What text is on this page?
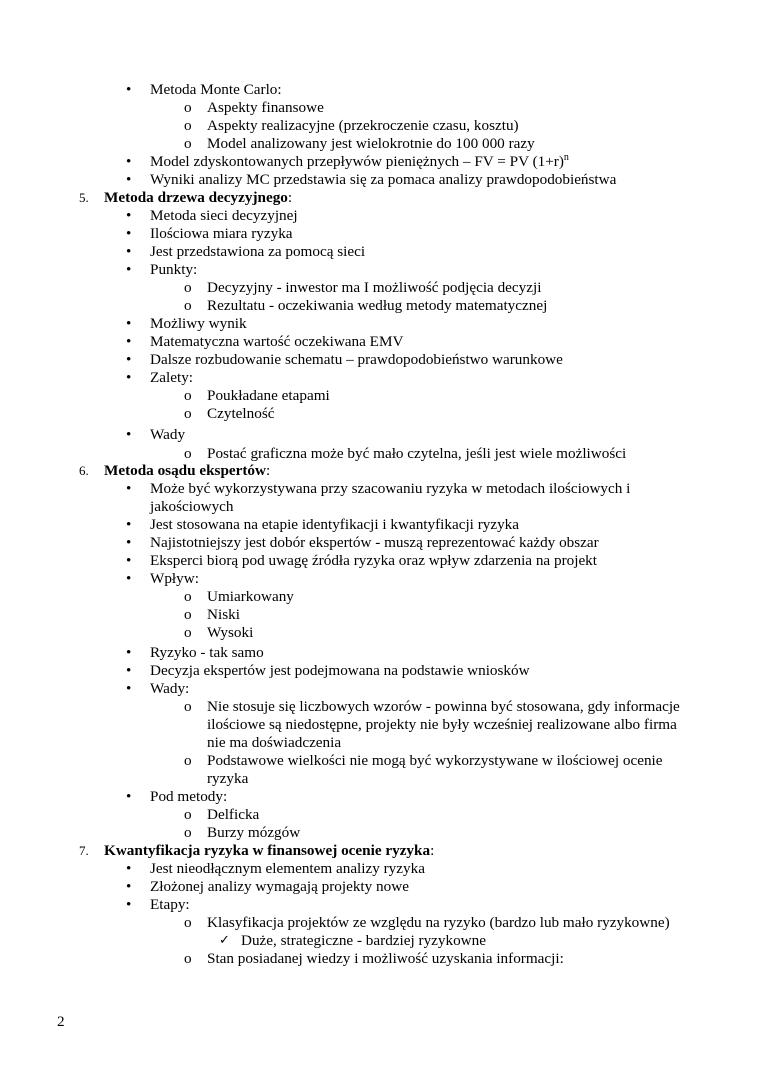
• Metoda Monte Carlo:
o Aspekty finansowe
o Aspekty realizacyjne (przekroczenie czasu, kosztu)
o Model analizowany jest wielokrotnie do 100 000 razy
• Model zdyskontowanych przepływów pieniężnych – FV = PV $(1+r)^n$
• Wyniki analizy MC przedstawia się za pomaca analizy prawdopodobieństwa
5. Metoda drzewa decyzyjnego:
• Metoda sieci decyzyjnej
• Ilościowa miara ryzyka
• Jest przedstawiona za pomocą sieci
• Punkty:
o Decyzyjny - inwestor ma I możliwość podjęcia decyzji
o Rezultatu - oczekiwania według metody matematycznej
• Możliwy wynik
• Matematyczna wartość oczekiwana EMV
• Dalsze rozbudowanie schematu – prawdopodobieństwo warunkowe
• Zalety:
o Poukładane etapami
o Czytelność
• Wady
o Postać graficzna może być mało czytelna, jeśli jest wiele możliwości
6. Metoda osądu ekspertów:
• Może być wykorzystywana przy szacowaniu ryzyka w metodach ilościowych i
jakościowych
• Jest stosowana na etapie identyfikacji i kwantyfikacji ryzyka
• Najistotniejszy jest dobór ekspertów - muszą reprezentować każdy obszar
• Eksperci biorą pod uwagę źródła ryzyka oraz wpływ zdarzenia na projekt
• Wpływ:
o Umiarkowany
o Niski
o Wysoki
• Ryzyko - tak samo
• Decyzja ekspertów jest podejmowana na podstawie wniosków
• Wady:
o Nie stosuje się liczbowych wzorów - powinna być stosowana, gdy informacje
ilościowe są niedostępne, projekty nie były wcześniej realizowane albo firma
nie ma doświadczenia
o Podstawowe wielkości nie mogą być wykorzystywane w ilościowej ocenie
ryzyka
• Pod metody:
o Delficka
o Burzy mózgów
7. Kwantyfikacja ryzyka w finansowej ocenie ryzyka:
• Jest nieodłącznym elementem analizy ryzyka
• Złożonej analizy wymagają projekty nowe
• Etapy:
o Klasyfikacja projektów ze względu na ryzyko (bardzo lub mało ryzykowne)
✓ Duże, strategiczne - bardziej ryzykowne
o Stan posiadanej wiedzy i możliwość uzyskania informacji:
2
